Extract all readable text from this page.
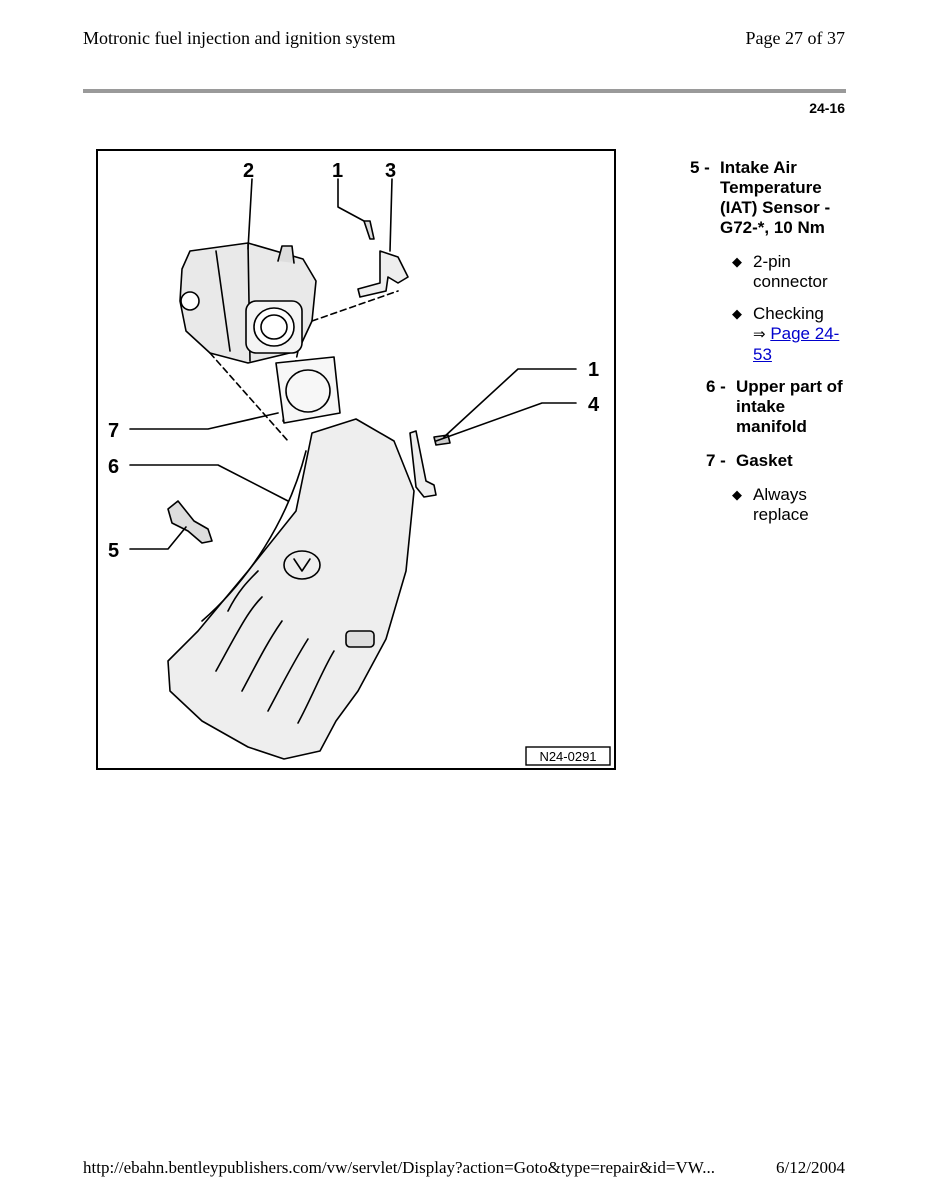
Motronic fuel injection and ignition system	Page 27 of 37
24-16
2	1 3
1
4
7
6
5
N24-0291
5 - Intake Air Temperature (IAT) Sensor -G72-*, 10 Nm
◆ 2-pin connector
◆ Checking
⇒ Page 24-53
6 - Upper part of intake manifold
7 - Gasket
◆ Always replace
http://ebahn.bentleypublishers.com/vw/servlet/Display?action=Goto&type=repair&id=VW...	6/12/2004
